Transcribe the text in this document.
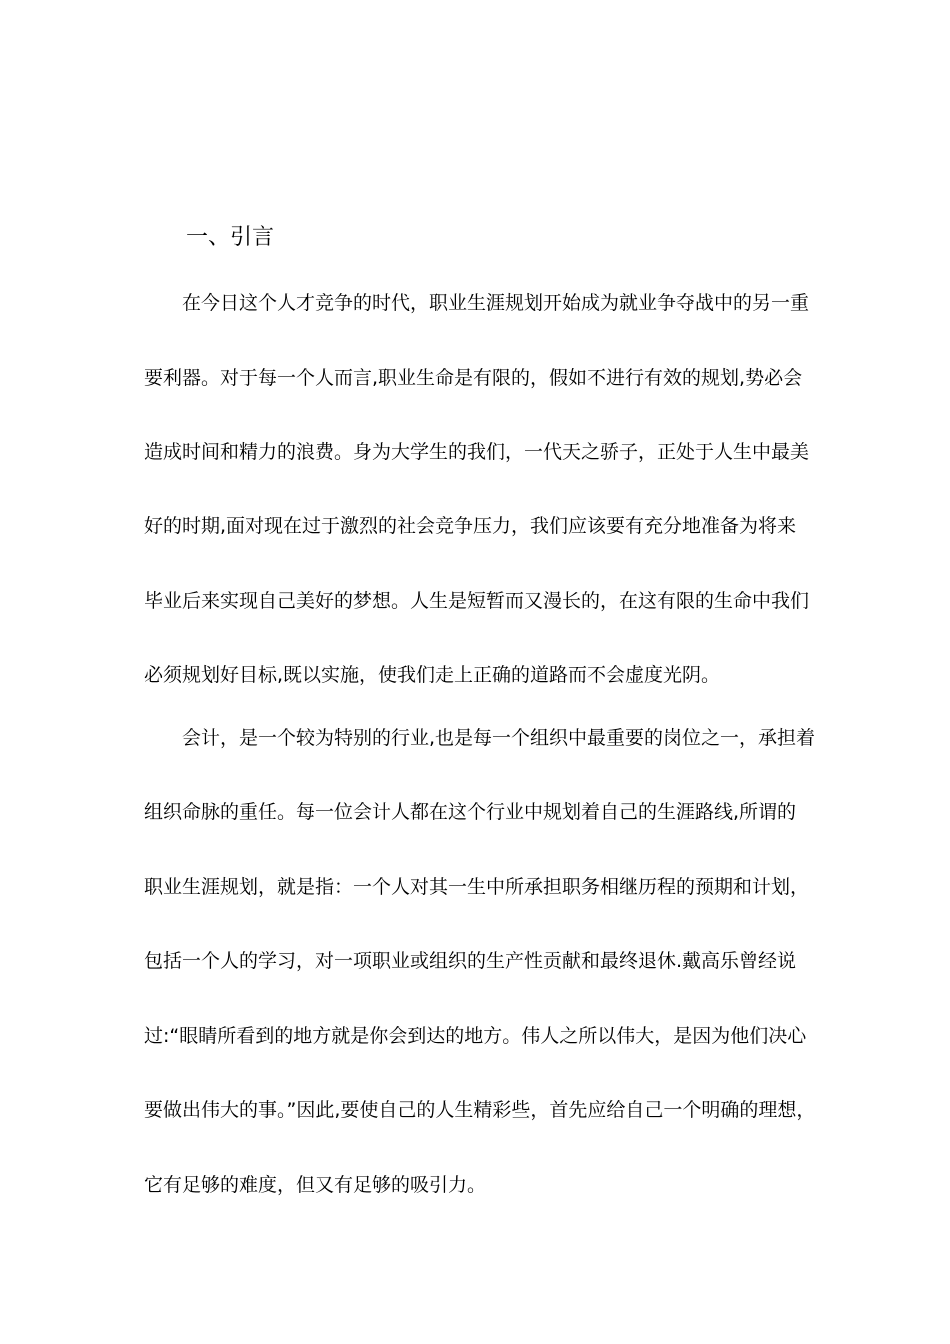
一、引言

在今日这个人才竞争的时代，职业生涯规划开始成为就业争夺战中的另一重

要利器。对于每一个人而言,职业生命是有限的，假如不进行有效的规划,势必会

造成时间和精力的浪费。身为大学生的我们，一代天之骄子，正处于人生中最美

好的时期,面对现在过于激烈的社会竞争压力，我们应该要有充分地准备为将来

毕业后来实现自己美好的梦想。人生是短暂而又漫长的，在这有限的生命中我们

必须规划好目标,既以实施，使我们走上正确的道路而不会虚度光阴。

会计，是一个较为特别的行业,也是每一个组织中最重要的岗位之一，承担着

组织命脉的重任。每一位会计人都在这个行业中规划着自己的生涯路线,所谓的

职业生涯规划，就是指：一个人对其一生中所承担职务相继历程的预期和计划，

包括一个人的学习，对一项职业或组织的生产性贡献和最终退休.戴高乐曾经说

过:“眼睛所看到的地方就是你会到达的地方。伟人之所以伟大，是因为他们决心

要做出伟大的事。”因此,要使自己的人生精彩些，首先应给自己一个明确的理想，

它有足够的难度，但又有足够的吸引力。
